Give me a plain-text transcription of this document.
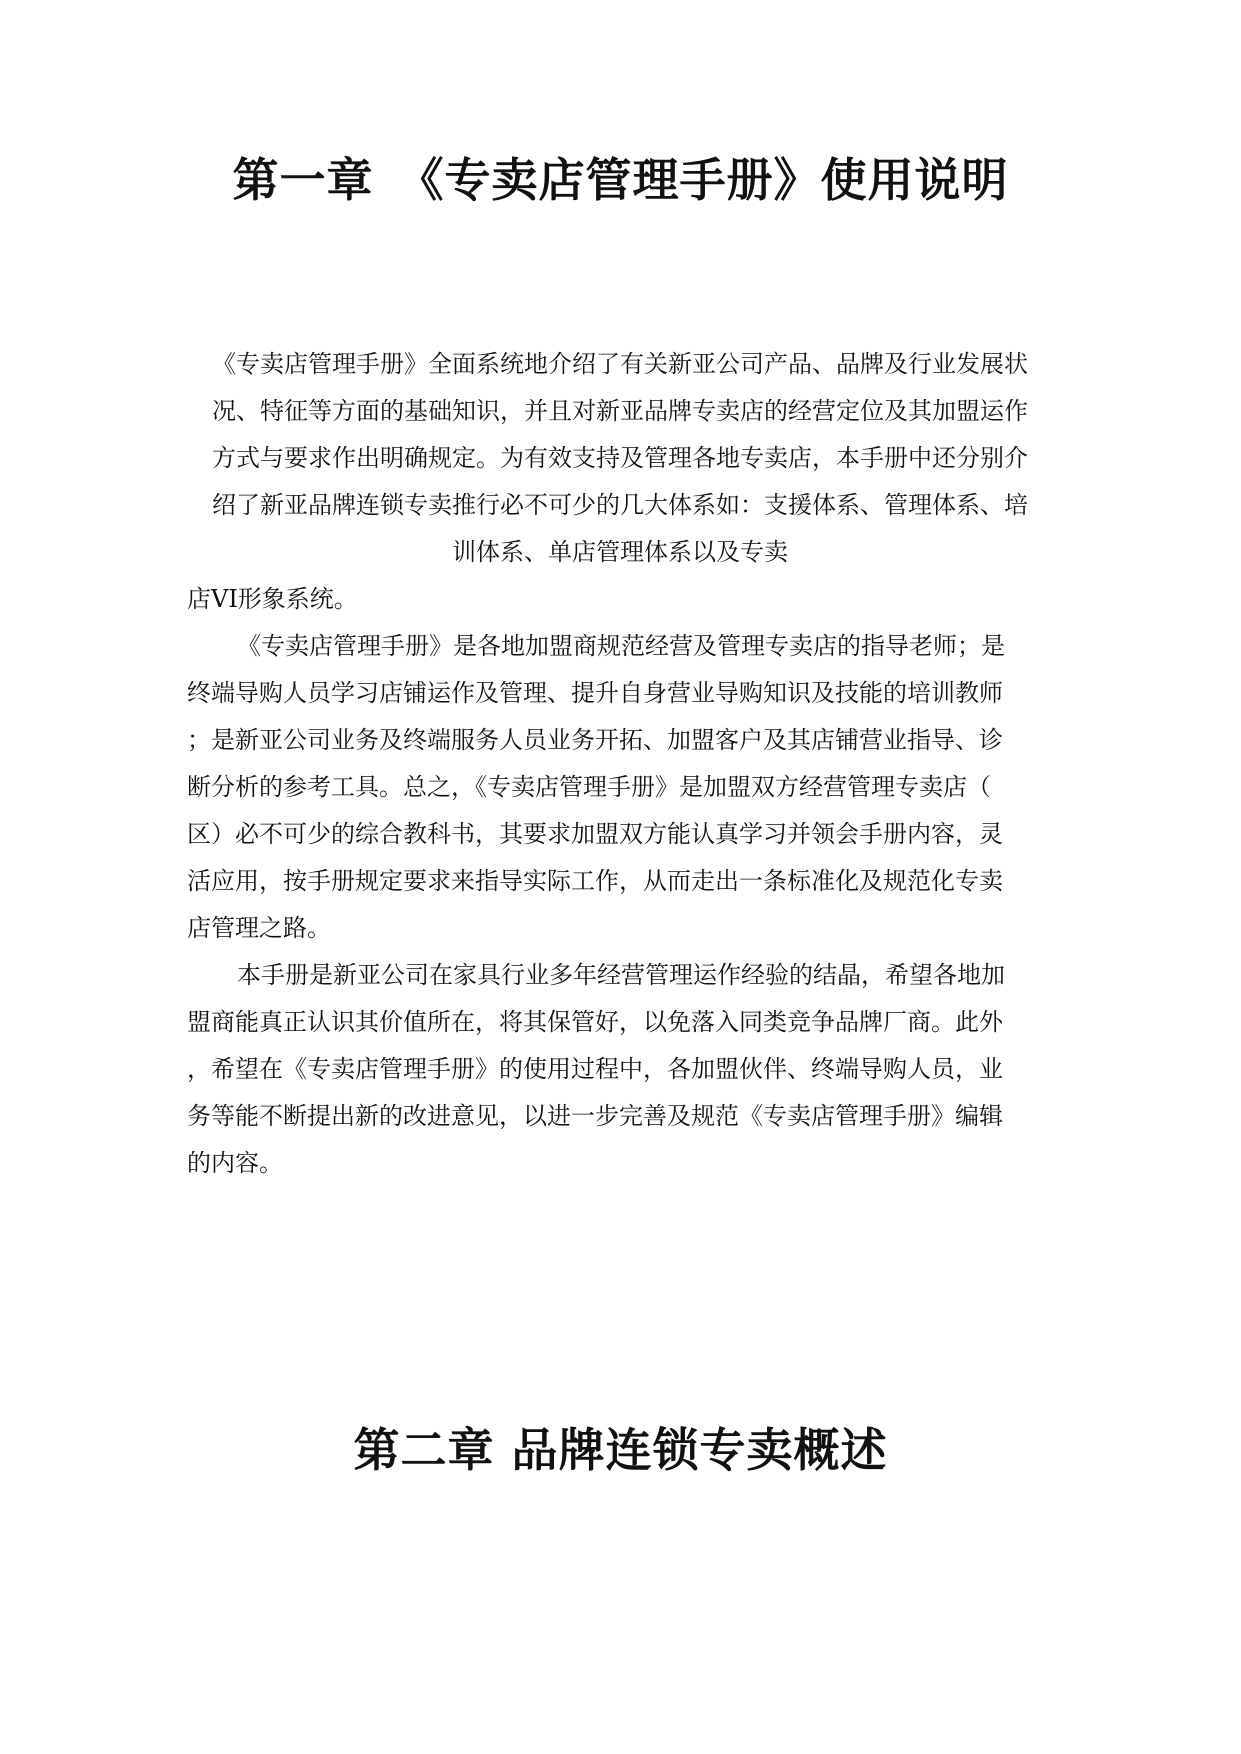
第一章　《专卖店管理手册》使用说明

《专卖店管理手册》全面系统地介绍了有关新亚公司产品、品牌及行业发展状

况、特征等方面的基础知识，并且对新亚品牌专卖店的经营定位及其加盟运作

方式与要求作出明确规定。为有效支持及管理各地专卖店，本手册中还分别介

绍了新亚品牌连锁专卖推行必不可少的几大体系如：支援体系、管理体系、培

训体系、单店管理体系以及专卖

店VI形象系统。

《专卖店管理手册》是各地加盟商规范经营及管理专卖店的指导老师；是

终端导购人员学习店铺运作及管理、提升自身营业导购知识及技能的培训教师

；是新亚公司业务及终端服务人员业务开拓、加盟客户及其店铺营业指导、诊

断分析的参考工具。总之，《专卖店管理手册》是加盟双方经营管理专卖店（

区）必不可少的综合教科书，其要求加盟双方能认真学习并领会手册内容，灵

活应用，按手册规定要求来指导实际工作，从而走出一条标准化及规范化专卖

店管理之路。

本手册是新亚公司在家具行业多年经营管理运作经验的结晶，希望各地加

盟商能真正认识其价值所在，将其保管好，以免落入同类竞争品牌厂商。此外

，希望在《专卖店管理手册》的使用过程中，各加盟伙伴、终端导购人员，业

务等能不断提出新的改进意见，以进一步完善及规范《专卖店管理手册》编辑

的内容。

第二章 品牌连锁专卖概述
